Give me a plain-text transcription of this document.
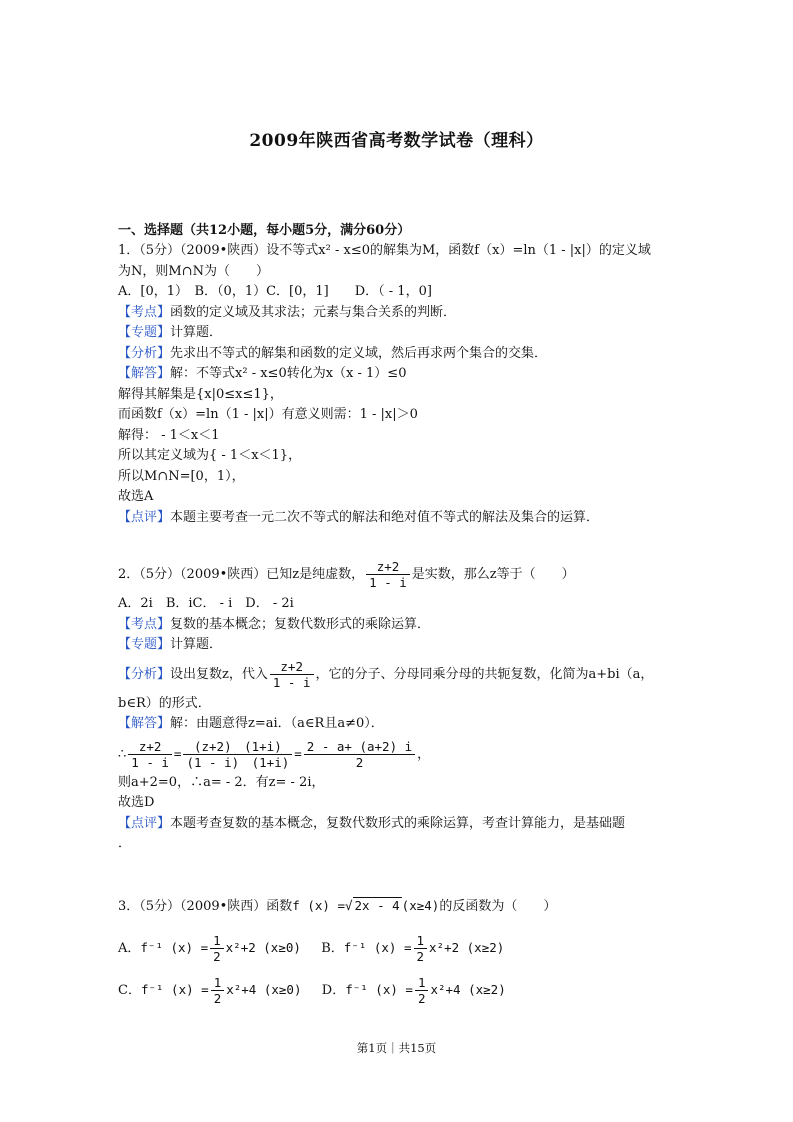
2009年陕西省高考数学试卷（理科）
一、选择题（共12小题，每小题5分，满分60分）
1．（5分）（2009•陕西）设不等式x² - x≤0的解集为M，函数f（x）=ln（1 - |x|）的定义域
为N，则M∩N为（　　）
A．[0，1）　B．（0，1）C．[0，1]　　D．（ - 1，0]
【考点】函数的定义域及其求法；元素与集合关系的判断．
【专题】计算题．
【分析】先求出不等式的解集和函数的定义域，然后再求两个集合的交集．
【解答】解：不等式x² - x≤0转化为x（x - 1）≤0
解得其解集是{x|0≤x≤1}，
而函数f（x）=ln（1 - |x|）有意义则需：1 - |x|＞0
解得： - 1＜x＜1
所以其定义域为{ - 1＜x＜1}，
所以M∩N=[0，1），
故选A
【点评】本题主要考查一元二次不等式的解法和绝对值不等式的解法及集合的运算．
2．（5分）（2009•陕西）已知z是纯虚数， $\frac{z+2}{1 - i}$ 是实数，那么z等于（　　）
A．2i　B．iC． - i　D． - 2i
【考点】复数的基本概念；复数代数形式的乘除运算．
【专题】计算题．
【分析】设出复数z，代入 $\frac{z+2}{1 - i}$ ，它的分子、分母同乘分母的共轭复数，化简为a+bi（a，
b∈R）的形式．
【解答】解：由题意得z=ai．（a∈R且a≠0）．
∴ $\frac{z+2}{1 - i} = \frac{(z+2) (1+i)}{(1 - i) (1+i)} = \frac{2 - a+ (a+2) i}{2}$ ，
则a+2=0，∴a= - 2．有z= - 2i，
故选D
【点评】本题考查复数的基本概念，复数代数形式的乘除运算，考查计算能力，是基础题
．
3．（5分）（2009•陕西）函数f (x) =√ 2x - 4 (x≥4)的反函数为（　　）
A．f⁻¹ $(x) = \frac{1}{2} x^2+2$ (x≥0) B．f⁻¹ $(x) = \frac{1}{2} x^2+2$ (x≥2)
C．f⁻¹ $(x) = \frac{1}{2} x^2+4$ (x≥0) D．f⁻¹ $(x) = \frac{1}{2} x^2+4$ (x≥2)
第1页｜共15页
